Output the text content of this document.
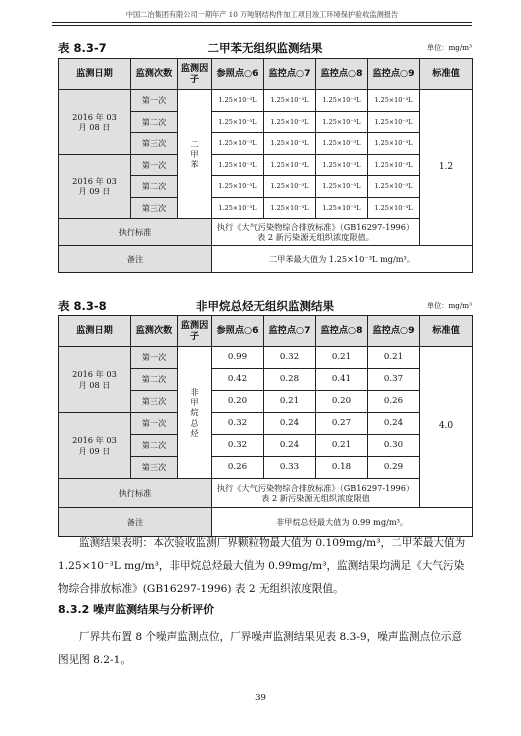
中国二冶集团有限公司一期年产 10 万吨钢结构件加工项目竣工环境保护验收监测报告
表 8.3-7	二甲苯无组织监测结果	单位：mg/m³
监测日期	监测次数	监测因子	参照点○6	监控点○7	监控点○8	监控点○9	标准值
2016 年 03 月 08 日	第一次	二甲苯	1.25×10⁻³L	1.25×10⁻³L	1.25×10⁻³L	1.25×10⁻³L	1.2
	第二次		1.25×10⁻³L	1.25×10⁻³L	1.25×10⁻³L	1.25×10⁻³L	
	第三次		1.25×10⁻³L	1.25×10⁻³L	1.25×10⁻³L	1.25×10⁻³L	
2016 年 03 月 09 日	第一次		1.25×10⁻³L	1.25×10⁻³L	1.25×10⁻³L	1.25×10⁻³L	
	第二次		1.25×10⁻³L	1.25×10⁻³L	1.25×10⁻³L	1.25×10⁻³L	
	第三次		1.25×10⁻³L	1.25×10⁻³L	1.25×10⁻³L	1.25×10⁻³L	
执行标准			执行《大气污染物综合排放标准》（GB16297-1996）表 2 新污染源无组织浓度限值。				
备注			二甲苯最大值为 1.25×10⁻³L mg/m³。				
表 8.3-8	非甲烷总烃无组织监测结果	单位：mg/m³
监测日期	监测次数	监测因子	参照点○6	监控点○7	监控点○8	监控点○9	标准值
2016 年 03 月 08 日	第一次	非甲烷总烃	0.99	0.32	0.21	0.21	4.0
	第二次		0.42	0.28	0.41	0.37	
	第三次		0.20	0.21	0.20	0.26	
2016 年 03 月 09 日	第一次		0.32	0.24	0.27	0.24	
	第二次		0.32	0.24	0.21	0.30	
	第三次		0.26	0.33	0.18	0.29	
执行标准			执行《大气污染物综合排放标准》（GB16297-1996）表 2 新污染源无组织浓度限值				
备注			非甲烷总烃最大值为 0.99 mg/m³。				
监测结果表明：本次验收监测厂界颗粒物最大值为 0.109mg/m³，二甲苯最大值为 1.25×10⁻³L mg/m³，非甲烷总烃最大值为 0.99mg/m³，监测结果均满足《大气污染物综合排放标准》(GB16297-1996) 表 2 无组织浓度限值。
8.3.2 噪声监测结果与分析评价
厂界共布置 8 个噪声监测点位，厂界噪声监测结果见表 8.3-9，噪声监测点位示意图见图 8.2-1。
39
